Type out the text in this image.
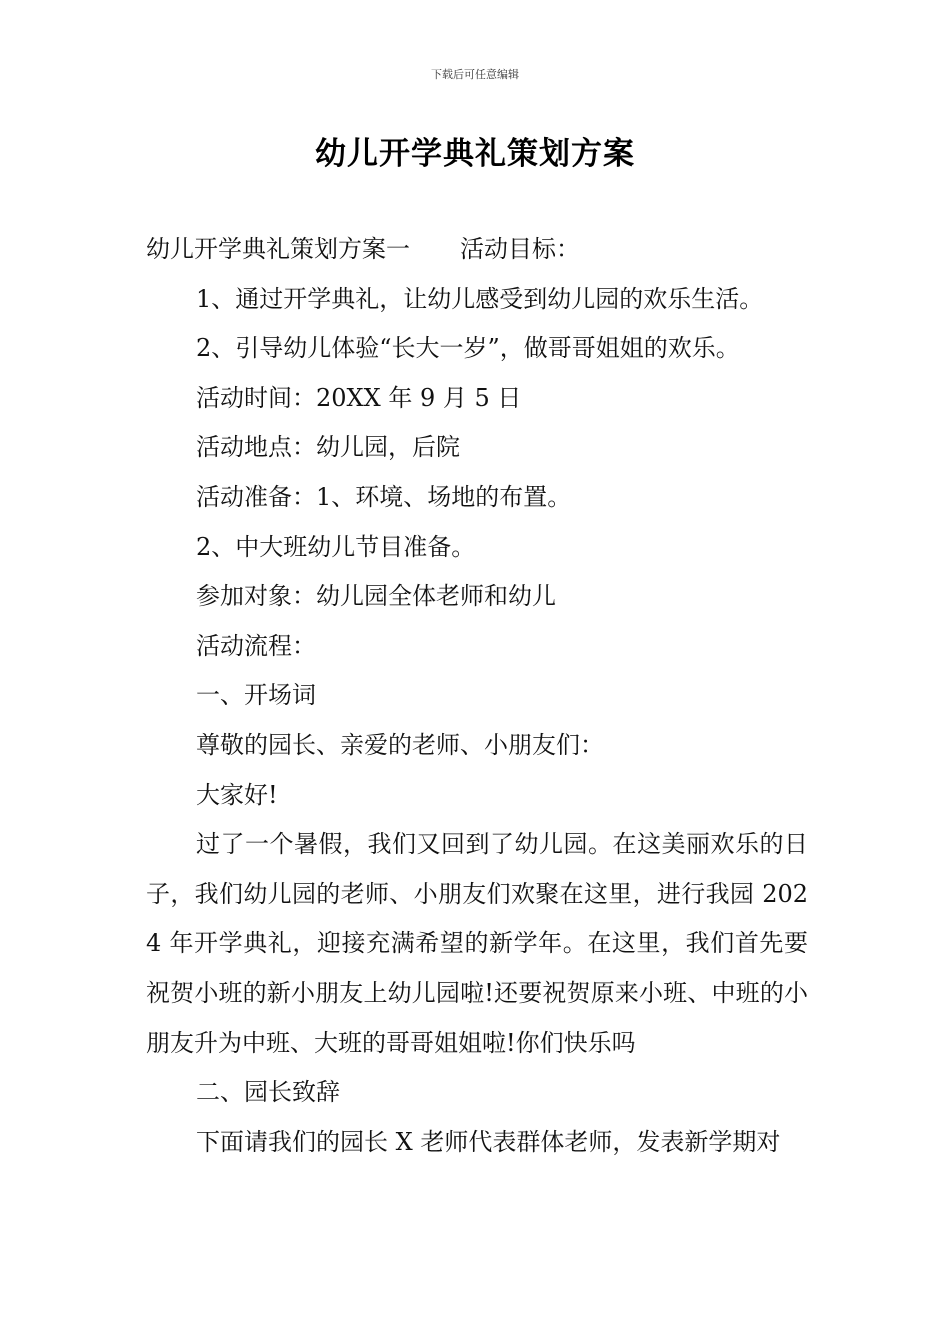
下载后可任意编辑
幼儿开学典礼策划方案

幼儿开学典礼策划方案一 活动目标：

1、通过开学典礼，让幼儿感受到幼儿园的欢乐生活。

2、引导幼儿体验“长大一岁”，做哥哥姐姐的欢乐。

活动时间：20XX 年 9 月 5 日

活动地点：幼儿园，后院

活动准备：1、环境、场地的布置。

2、中大班幼儿节目准备。

参加对象：幼儿园全体老师和幼儿

活动流程：

一、开场词

尊敬的园长、亲爱的老师、小朋友们：

大家好!

过了一个暑假，我们又回到了幼儿园。在这美丽欢乐的日子，我们幼儿园的老师、小朋友们欢聚在这里，进行我园 2024 年开学典礼，迎接充满希望的新学年。在这里，我们首先要祝贺小班的新小朋友上幼儿园啦!还要祝贺原来小班、中班的小朋友升为中班、大班的哥哥姐姐啦!你们快乐吗

二、园长致辞

下面请我们的园长 X 老师代表群体老师，发表新学期对
